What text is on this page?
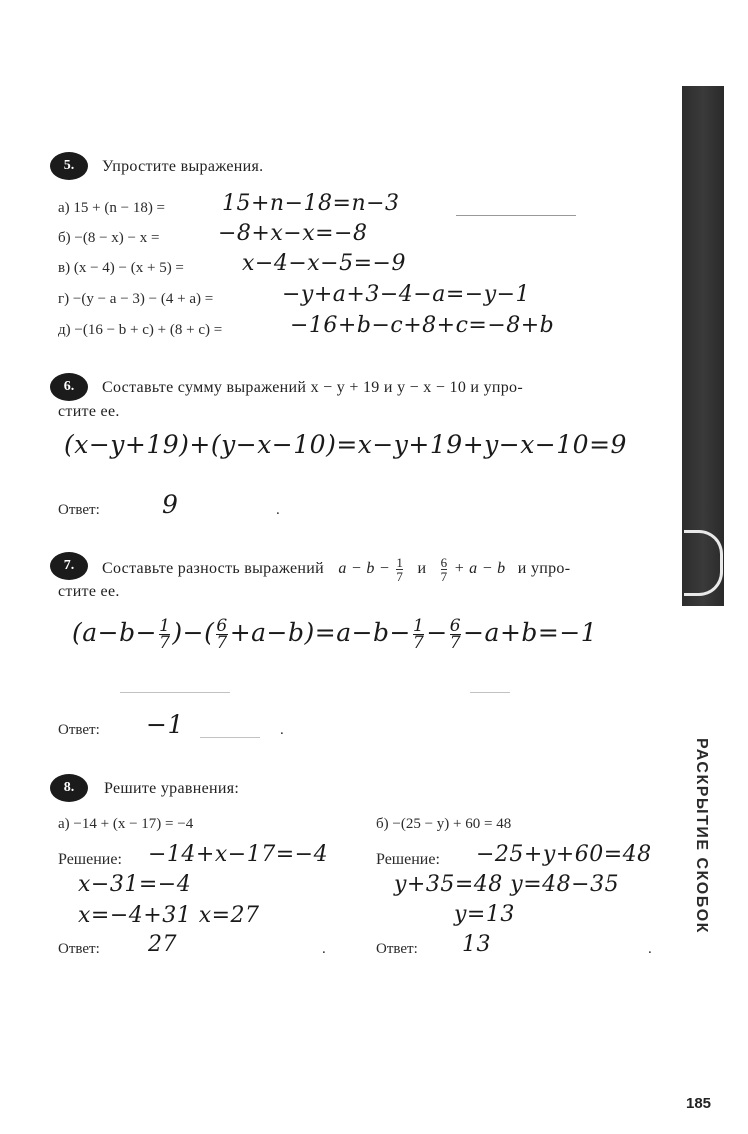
РАСКРЫТИЕ СКОБОК
5.	Упростите выражения.
а) 15 + (n − 18) =	15+n−18=n−3
б) −(8 − x) − x =	−8+x−x=−8
в) (x − 4) − (x + 5) =	x−4−x−5=−9
г) −(y − a − 3) − (4 + a) =	−y+a+3−4−a=−y−1
д) −(16 − b + c) + (8 + c) =	−16+b−c+8+c=−8+b
6.	Составьте сумму выражений x − y + 19 и y − x − 10 и упро-
стите ее.
(x−y+19)+(y−x−10)=x−y+19+y−x−10=9
Ответ: 9	.
7.	Составьте разность выражений $a - b - \frac{1}{7}$ и $\frac{6}{7} + a - b$ и упро-
стите ее.
($a-b- \frac{1}{7}$ )−( $\frac{6}{7} +a-b)=a-b- \frac{1}{7} - \frac{6}{7} -a+b=-1$
Ответ: −1	.
8.	Решите уравнения:
а) −14 + (x − 17) = −4	б) −(25 − y) + 60 = 48
Решение: −14+x−17=−4
x−31=−4
x=−4+31 x=27
Ответ: 27	.
Решение: −25+y+60=48
y+35=48 y=48−35
y=13
Ответ: 13	.
185
